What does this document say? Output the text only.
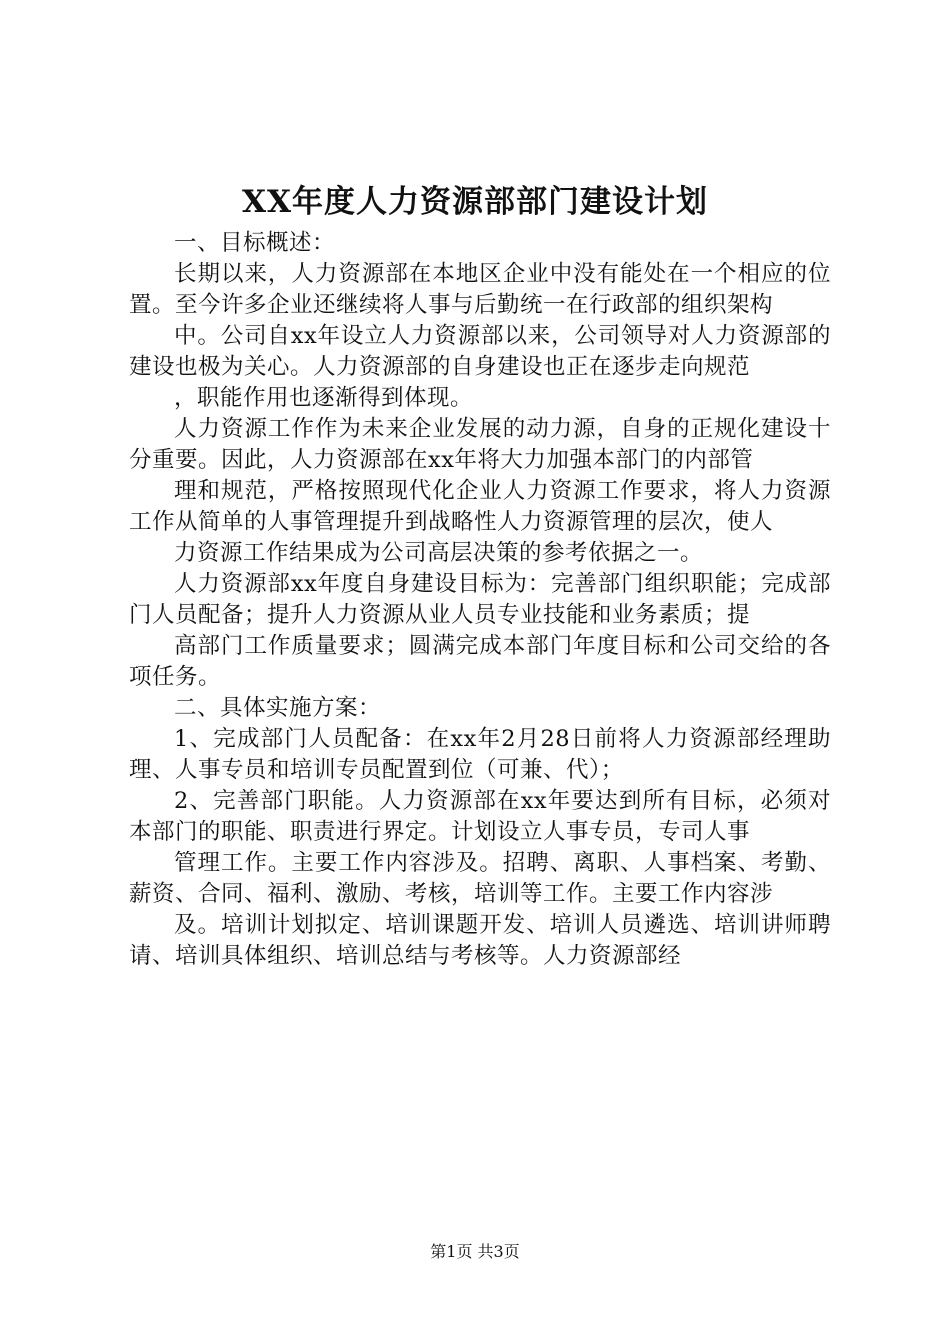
XX年度人力资源部部门建设计划

一、目标概述：

长期以来，人力资源部在本地区企业中没有能处在一个相应的位置。至今许多企业还继续将人事与后勤统一在行政部的组织架构

中。公司自xx年设立人力资源部以来，公司领导对人力资源部的建设也极为关心。人力资源部的自身建设也正在逐步走向规范

，职能作用也逐渐得到体现。

人力资源工作作为未来企业发展的动力源，自身的正规化建设十分重要。因此，人力资源部在xx年将大力加强本部门的内部管

理和规范，严格按照现代化企业人力资源工作要求，将人力资源工作从简单的人事管理提升到战略性人力资源管理的层次，使人

力资源工作结果成为公司高层决策的参考依据之一。

人力资源部xx年度自身建设目标为：完善部门组织职能；完成部门人员配备；提升人力资源从业人员专业技能和业务素质；提

高部门工作质量要求；圆满完成本部门年度目标和公司交给的各项任务。

二、具体实施方案：

1、完成部门人员配备：在xx年2月28日前将人力资源部经理助理、人事专员和培训专员配置到位（可兼、代）；

2、完善部门职能。人力资源部在xx年要达到所有目标，必须对本部门的职能、职责进行界定。计划设立人事专员，专司人事

管理工作。主要工作内容涉及。招聘、离职、人事档案、考勤、薪资、合同、福利、激励、考核，培训等工作。主要工作内容涉

及。培训计划拟定、培训课题开发、培训人员遴选、培训讲师聘请、培训具体组织、培训总结与考核等。人力资源部经

第1页 共3页
